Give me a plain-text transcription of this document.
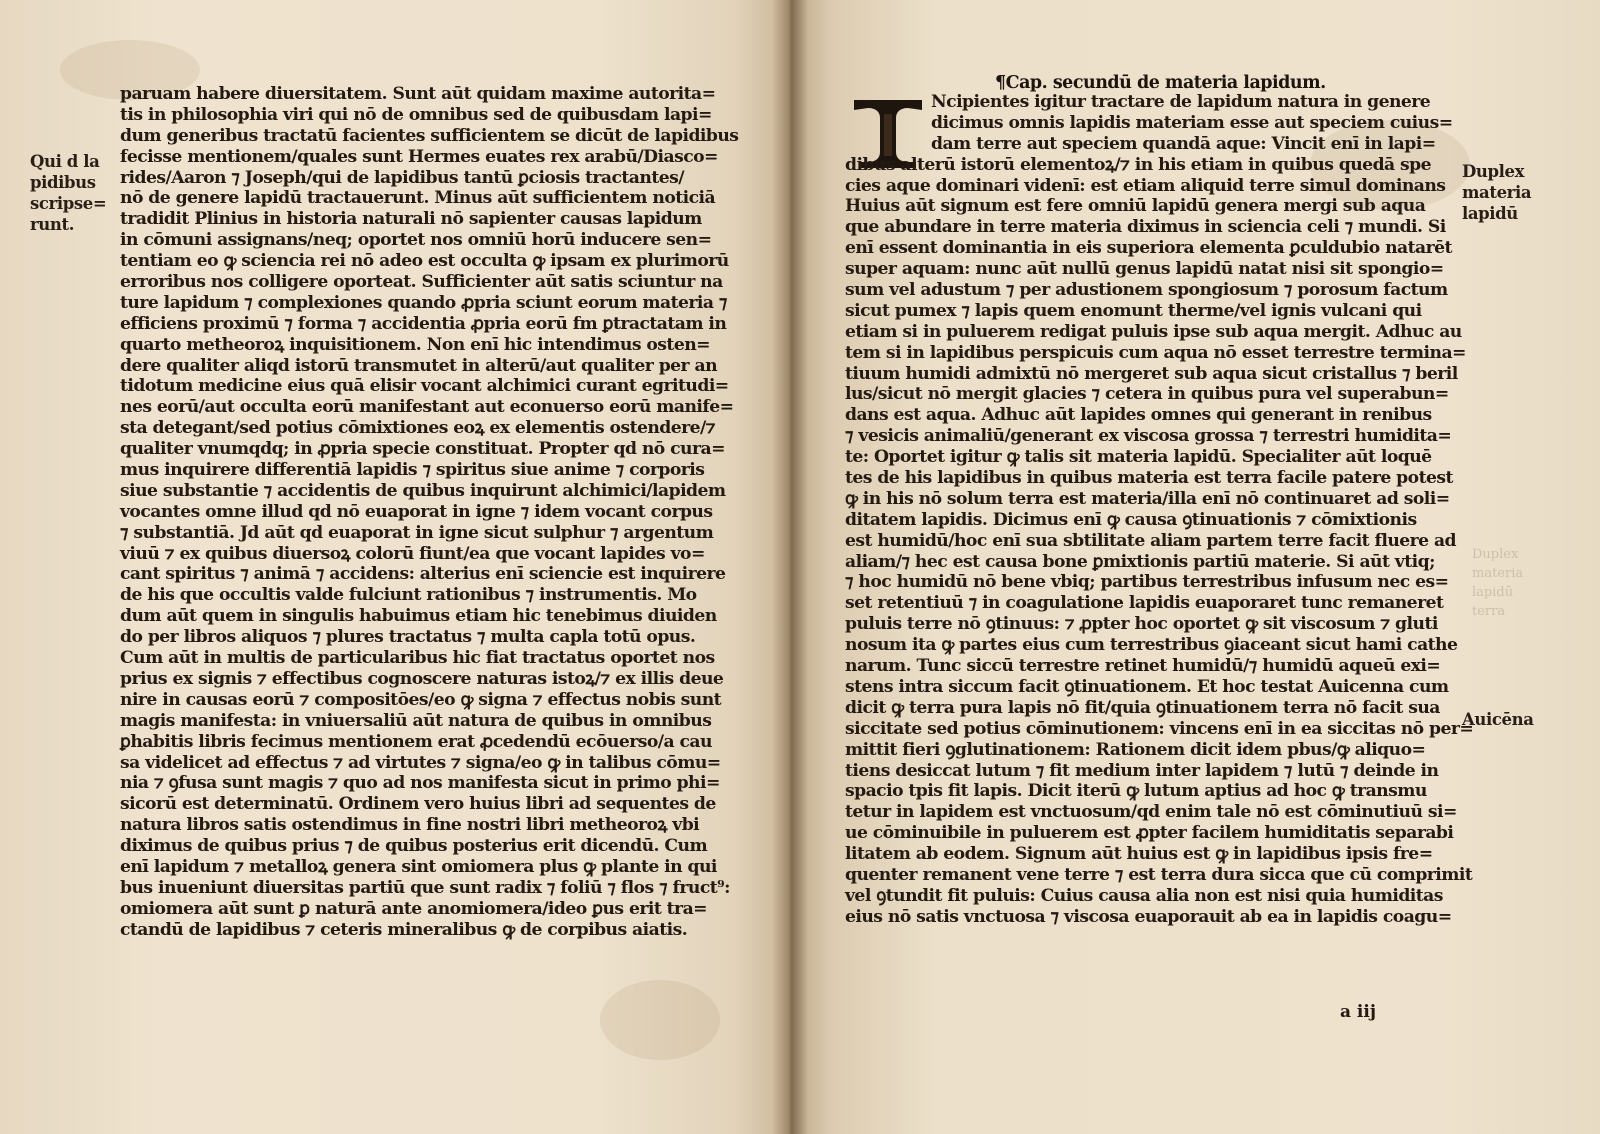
Qui d la
pidibus
scripse=
runt.
paruam habere diuersitatem. Sunt aūt quidam maxime autorita=
tis in philosophia viri qui nō de omnibus sed de quibusdam lapi=
dum generibus tractatū facientes sufficientem se dicūt de lapidibus
fecisse mentionem/quales sunt Hermes euates rex arabū/Diasco=
rides/Aaron ⁊ Joseph/qui de lapidibus tantū ꝑciosis tractantes/
nō de genere lapidū tractauerunt. Minus aūt sufficientem noticiā
tradidit Plinius in historia naturali nō sapienter causas lapidum
in cōmuni assignans/neq; oportet nos omniū horū inducere sen=
tentiam eo ꝙ sciencia rei nō adeo est occulta ꝙ ipsam ex plurimorū
erroribus nos colligere oporteat. Sufficienter aūt satis sciuntur na
ture lapidum ⁊ complexiones quando ꝓpria sciunt eorum materia ⁊
efficiens proximū ⁊ forma ⁊ accidentia ꝓpria eorū fm ꝑtractatam in
quarto metheoroꝝ inquisitionem. Non enī hic intendimus osten=
dere qualiter aliqd istorū transmutet in alterū/aut qualiter per an
tidotum medicine eius quā elisir vocant alchimici curant egritudi=
nes eorū/aut occulta eorū manifestant aut econuerso eorū manife=
sta detegant/sed potius cōmixtiones eoꝝ ex elementis ostendere/⁊
qualiter vnumqdq; in ꝓpria specie constituat. Propter qd nō cura=
mus inquirere differentiā lapidis ⁊ spiritus siue anime ⁊ corporis
siue substantie ⁊ accidentis de quibus inquirunt alchimici/lapidem
vocantes omne illud qd nō euaporat in igne ⁊ idem vocant corpus
⁊ substantiā. Jd aūt qd euaporat in igne sicut sulphur ⁊ argentum
viuū ⁊ ex quibus diuersoꝝ colorū fiunt/ea que vocant lapides vo=
cant spiritus ⁊ animā ⁊ accidens: alterius enī sciencie est inquirere
de his que occultis valde fulciunt rationibus ⁊ instrumentis. Mo
dum aūt quem in singulis habuimus etiam hic tenebimus diuiden
do per libros aliquos ⁊ plures tractatus ⁊ multa capla totū opus.
Cum aūt in multis de particularibus hic fiat tractatus oportet nos
prius ex signis ⁊ effectibus cognoscere naturas istoꝝ/⁊ ex illis deue
nire in causas eorū ⁊ compositōes/eo ꝙ signa ⁊ effectus nobis sunt
magis manifesta: in vniuersaliū aūt natura de quibus in omnibus
ꝑhabitis libris fecimus mentionem erat ꝓcedendū ecōuerso/a cau
sa videlicet ad effectus ⁊ ad virtutes ⁊ signa/eo ꝙ in talibus cōmu=
nia ⁊ ꝯfusa sunt magis ⁊ quo ad nos manifesta sicut in primo phi=
sicorū est determinatū. Ordinem vero huius libri ad sequentes de
natura libros satis ostendimus in fine nostri libri metheoroꝝ vbi
diximus de quibus prius ⁊ de quibus posterius erit dicendū. Cum
enī lapidum ⁊ metalloꝝ genera sint omiomera plus ꝙ plante in qui
bus inueniunt diuersitas partiū que sunt radix ⁊ foliū ⁊ flos ⁊ fruct⁹:
omiomera aūt sunt ꝑ naturā ante anomiomera/ideo ꝑus erit tra=
ctandū de lapidibus ⁊ ceteris mineralibus ꝙ de corpibus aiatis.
¶Cap. secundū de materia lapidum.
Ncipientes igitur tractare de lapidum natura in genere
dicimus omnis lapidis materiam esse aut speciem cuius=
dam terre aut speciem quandā aque: Vincit enī in lapi=
dibus alterū istorū elementoꝝ/⁊ in his etiam in quibus quedā spe
cies aque dominari videnī: est etiam aliquid terre simul dominans
Huius aūt signum est fere omniū lapidū genera mergi sub aqua
que abundare in terre materia diximus in sciencia celi ⁊ mundi. Si
enī essent dominantia in eis superiora elementa ꝑculdubio natarēt
super aquam: nunc aūt nullū genus lapidū natat nisi sit spongio=
sum vel adustum ⁊ per adustionem spongiosum ⁊ porosum factum
sicut pumex ⁊ lapis quem enomunt therme/vel ignis vulcani qui
etiam si in puluerem redigat puluis ipse sub aqua mergit. Adhuc au
tem si in lapidibus perspicuis cum aqua nō esset terrestre termina=
tiuum humidi admixtū nō mergeret sub aqua sicut cristallus ⁊ beril
lus/sicut nō mergit glacies ⁊ cetera in quibus pura vel superabun=
dans est aqua. Adhuc aūt lapides omnes qui generant in renibus
⁊ vesicis animaliū/generant ex viscosa grossa ⁊ terrestri humidita=
te: Oportet igitur ꝙ talis sit materia lapidū. Specialiter aūt loquē
tes de his lapidibus in quibus materia est terra facile patere potest
ꝙ in his nō solum terra est materia/illa enī nō continuaret ad soli=
ditatem lapidis. Dicimus enī ꝙ causa ꝯtinuationis ⁊ cōmixtionis
est humidū/hoc enī sua sbtilitate aliam partem terre facit fluere ad
aliam/⁊ hec est causa bone ꝑmixtionis partiū materie. Si aūt vtiq;
⁊ hoc humidū nō bene vbiq; partibus terrestribus infusum nec es=
set retentiuū ⁊ in coagulatione lapidis euaporaret tunc remaneret
puluis terre nō ꝯtinuus: ⁊ ꝓpter hoc oportet ꝙ sit viscosum ⁊ gluti
nosum ita ꝙ partes eius cum terrestribus ꝯiaceant sicut hami cathe
narum. Tunc siccū terrestre retinet humidū/⁊ humidū aqueū exi=
stens intra siccum facit ꝯtinuationem. Et hoc testat Auicenna cum
dicit ꝙ terra pura lapis nō fit/quia ꝯtinuationem terra nō facit sua
siccitate sed potius cōminutionem: vincens enī in ea siccitas nō per=
mittit fieri ꝯglutinationem: Rationem dicit idem pbus/ꝙ aliquo=
tiens desiccat lutum ⁊ fit medium inter lapidem ⁊ lutū ⁊ deinde in
spacio tpis fit lapis. Dicit iterū ꝙ lutum aptius ad hoc ꝙ transmu
tetur in lapidem est vnctuosum/qd enim tale nō est cōminutiuū si=
ue cōminuibile in puluerem est ꝓpter facilem humiditatis separabi
litatem ab eodem. Signum aūt huius est ꝙ in lapidibus ipsis fre=
quenter remanent vene terre ⁊ est terra dura sicca que cū comprimit
vel ꝯtundit fit puluis: Cuius causa alia non est nisi quia humiditas
eius nō satis vnctuosa ⁊ viscosa euaporauit ab ea in lapidis coagu=
Duplex
materia
lapidū
Auicēna
Duplex
materia
lapidū
terra
a iij
